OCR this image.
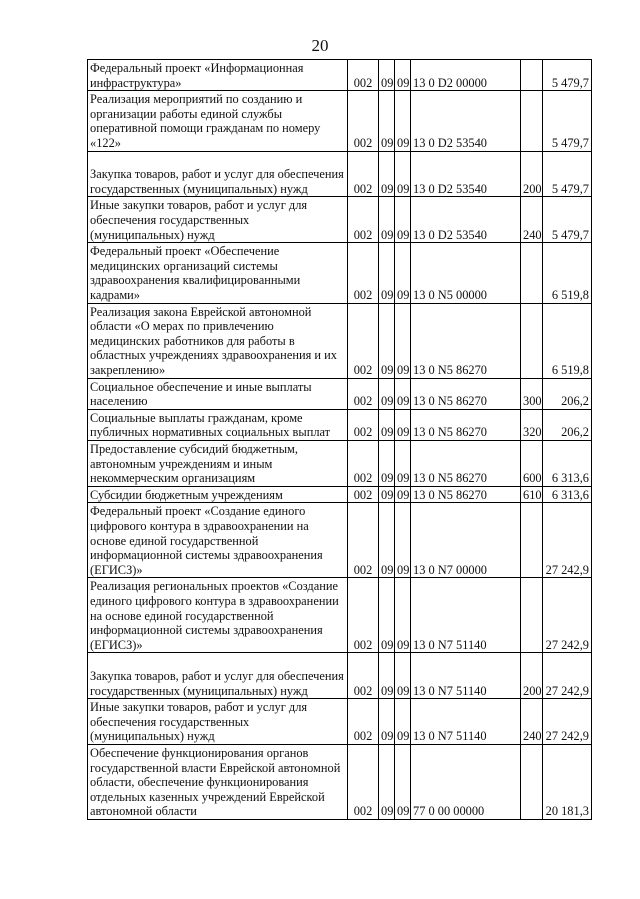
20
Федеральный проект «Информационная инфраструктура»	002	09	09	13 0 D2 00000		5 479,7
Реализация мероприятий по созданию и организации работы единой службы оперативной помощи гражданам по номеру «122»	002	09	09	13 0 D2 53540		5 479,7
Закупка товаров, работ и услуг для обеспечения государственных (муниципальных) нужд	002	09	09	13 0 D2 53540	200	5 479,7
Иные закупки товаров, работ и услуг для обеспечения государственных (муниципальных) нужд	002	09	09	13 0 D2 53540	240	5 479,7
Федеральный проект «Обеспечение медицинских организаций системы здравоохранения квалифицированными кадрами»	002	09	09	13 0 N5 00000		6 519,8
Реализация закона Еврейской автономной области «О мерах по привлечению медицинских работников для работы в областных учреждениях здравоохранения и их закреплению»	002	09	09	13 0 N5 86270		6 519,8
Социальное обеспечение и иные выплаты населению	002	09	09	13 0 N5 86270	300	206,2
Социальные выплаты гражданам, кроме публичных нормативных социальных выплат	002	09	09	13 0 N5 86270	320	206,2
Предоставление субсидий бюджетным, автономным учреждениям и иным некоммерческим организациям	002	09	09	13 0 N5 86270	600	6 313,6
Субсидии бюджетным учреждениям	002	09	09	13 0 N5 86270	610	6 313,6
Федеральный проект «Создание единого цифрового контура в здравоохранении на основе единой государственной информационной системы здравоохранения (ЕГИСЗ)»	002	09	09	13 0 N7 00000		27 242,9
Реализация региональных проектов «Создание единого цифрового контура в здравоохранении на основе единой государственной информационной системы здравоохранения (ЕГИСЗ)»	002	09	09	13 0 N7 51140		27 242,9
Закупка товаров, работ и услуг для обеспечения государственных (муниципальных) нужд	002	09	09	13 0 N7 51140	200	27 242,9
Иные закупки товаров, работ и услуг для обеспечения государственных (муниципальных) нужд	002	09	09	13 0 N7 51140	240	27 242,9
Обеспечение функционирования органов государственной власти Еврейской автономной области, обеспечение функционирования отдельных казенных учреждений Еврейской автономной области	002	09	09	77 0 00 00000		20 181,3
